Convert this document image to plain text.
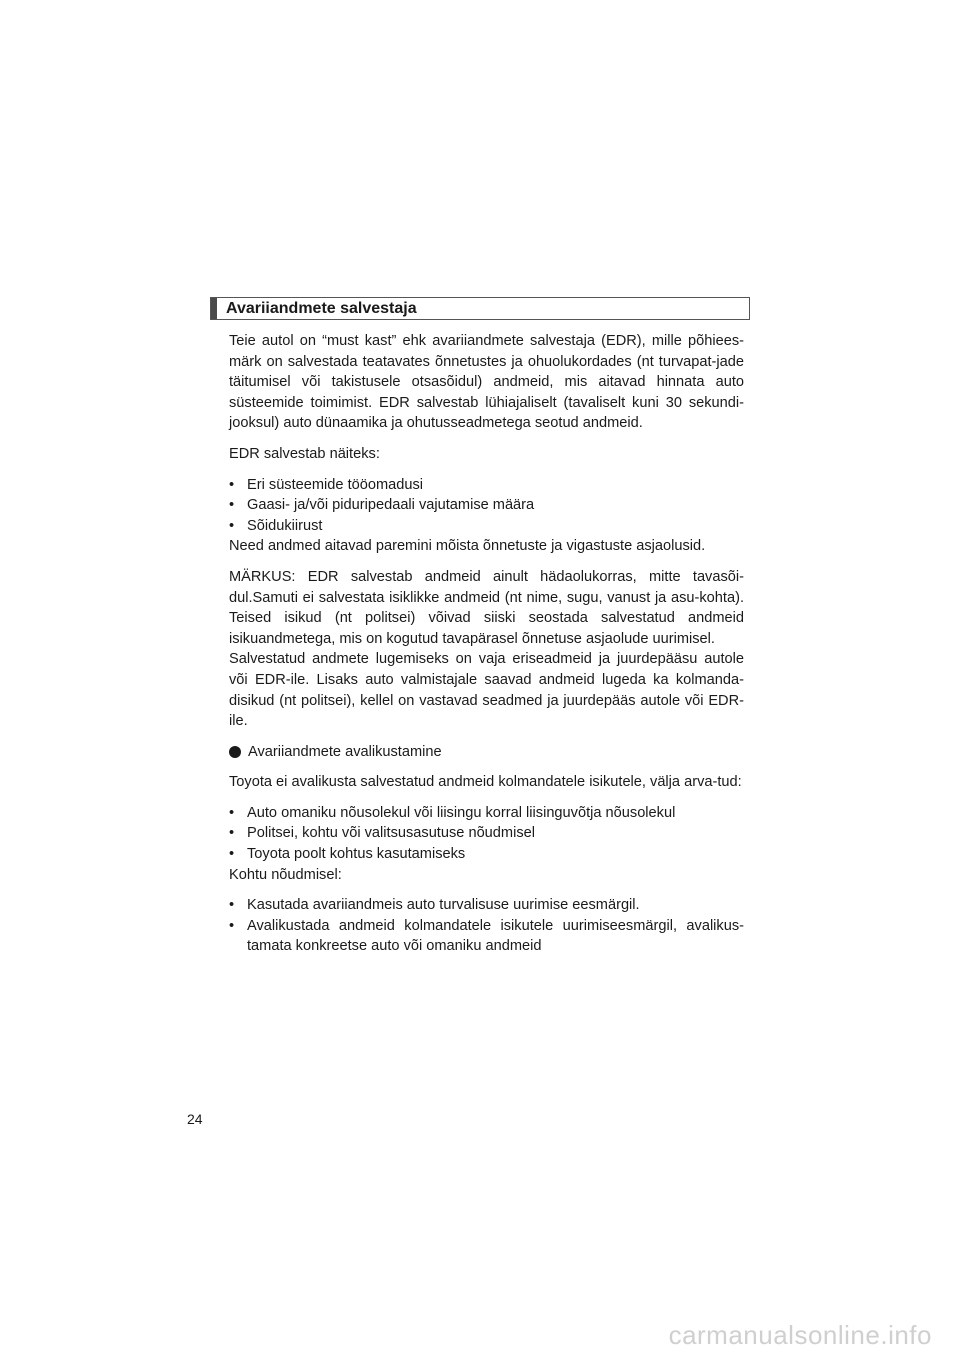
Avariiandmete salvestaja

Teie autol on “must kast” ehk avariiandmete salvestaja (EDR), mille põhiees-märk on salvestada teatavates õnnetustes ja ohuolukordades (nt turvapat-jade täitumisel või takistusele otsasõidul) andmeid, mis aitavad hinnata auto süsteemide toimimist. EDR salvestab lühiajaliselt (tavaliselt kuni 30 sekundi-jooksul) auto dünaamika ja ohutusseadmetega seotud andmeid.

EDR salvestab näiteks:

• Eri süsteemide tööomadusi
• Gaasi- ja/või piduripedaali vajutamise määra
• Sõidukiirust

Need andmed aitavad paremini mõista õnnetuste ja vigastuste asjaolusid.

MÄRKUS: EDR salvestab andmeid ainult hädaolukorras, mitte tavasõi-dul.Samuti ei salvestata isiklikke andmeid (nt nime, sugu, vanust ja asu-kohta). Teised isikud (nt politsei) võivad siiski seostada salvestatud andmeid isikuandmetega, mis on kogutud tavapärasel õnnetuse asjaolude uurimisel.

Salvestatud andmete lugemiseks on vaja eriseadmeid ja juurdepääsu autole või EDR-ile. Lisaks auto valmistajale saavad andmeid lugeda ka kolmanda-disikud (nt politsei), kellel on vastavad seadmed ja juurdepääs autole või EDR-ile.

Avariiandmete avalikustamine

Toyota ei avalikusta salvestatud andmeid kolmandatele isikutele, välja arva-tud:

• Auto omaniku nõusolekul või liisingu korral liisinguvõtja nõusolekul
• Politsei, kohtu või valitsusasutuse nõudmisel
• Toyota poolt kohtus kasutamiseks

Kohtu nõudmisel:

• Kasutada avariiandmeis auto turvalisuse uurimise eesmärgil.
• Avalikustada andmeid kolmandatele isikutele uurimiseesmärgil, avalikus-tamata konkreetse auto või omaniku andmeid
24
carmanualsonline.info
